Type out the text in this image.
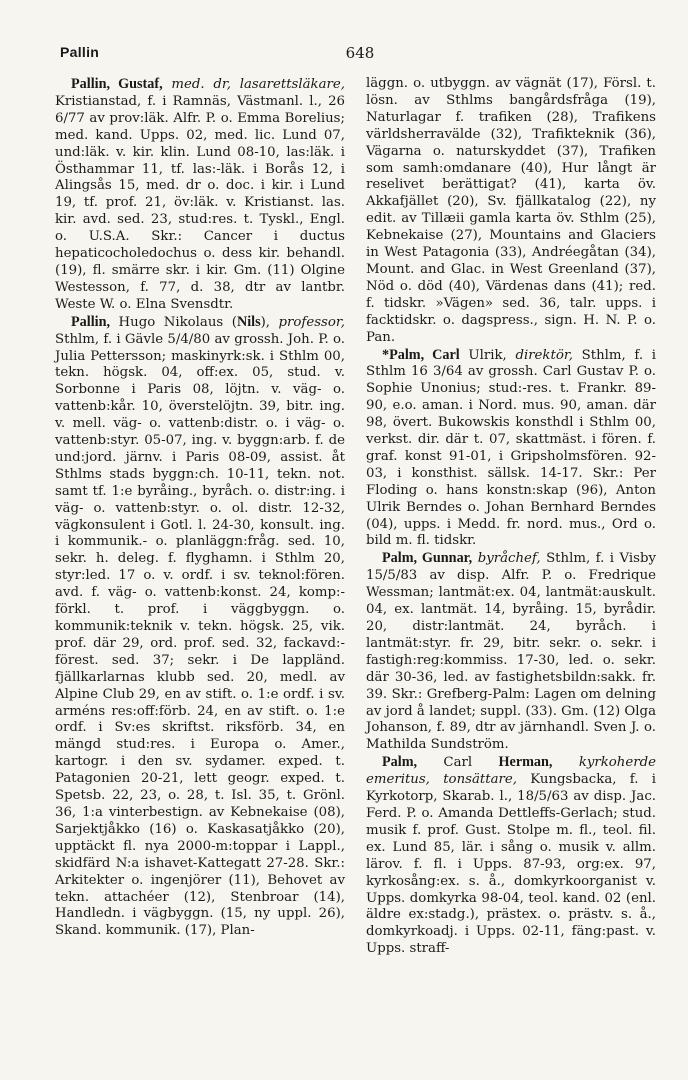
Pallin	648

Pallin, Gustaf, med. dr, lasarettsläkare, Kristianstad, f. i Ramnäs, Västmanl. l., 26 6/77 av prov:läk. Alfr. P. o. Emma Borelius; med. kand. Upps. 02, med. lic. Lund 07, und:läk. v. kir. klin. Lund 08-10, las:läk. i Östhammar 11, tf. las:-läk. i Borås 12, i Alingsås 15, med. dr o. doc. i kir. i Lund 19, tf. prof. 21, öv:läk. v. Kristianst. las. kir. avd. sed. 23, stud:res. t. Tyskl., Engl. o. U.S.A. Skr.: Cancer i ductus hepaticocholedochus o. dess kir. behandl. (19), fl. smärre skr. i kir. Gm. (11) Olgine Westesson, f. 77, d. 38, dtr av lantbr. Weste W. o. Elna Svensdtr.

Pallin, Hugo Nikolaus (Nils), professor, Sthlm, f. i Gävle 5/4/80 av grossh. Joh. P. o. Julia Pettersson; maskinyrk:sk. i Sthlm 00, tekn. högsk. 04, off:ex. 05, stud. v. Sorbonne i Paris 08, löjtn. v. väg- o. vattenb:kår. 10, överstelöjtn. 39, bitr. ing. v. mell. väg- o. vattenb:distr. o. i väg- o. vattenb:styr. 05-07, ing. v. byggn:arb. f. de und:jord. järnv. i Paris 08-09, assist. åt Sthlms stads byggn:ch. 10-11, tekn. not. samt tf. 1:e byråing., byråch. o. distr:ing. i väg- o. vattenb:styr. o. ol. distr. 12-32, vägkonsulent i Gotl. l. 24-30, konsult. ing. i kommunik.- o. planläggn:fråg. sed. 10, sekr. h. deleg. f. flyghamn. i Sthlm 20, styr:led. 17 o. v. ordf. i sv. teknol:fören. avd. f. väg- o. vattenb:konst. 24, komp:-förkl. t. prof. i väggbyggn. o. kommunik:teknik v. tekn. högsk. 25, vik. prof. där 29, ord. prof. sed. 32, fackavd:-förest. sed. 37; sekr. i De lappländ. fjällkarlarnas klubb sed. 20, medl. av Alpine Club 29, en av stift. o. 1:e ordf. i sv. arméns res:off:förb. 24, en av stift. o. 1:e ordf. i Sv:es skriftst. riksförb. 34, en mängd stud:res. i Europa o. Amer., kartogr. i den sv. sydamer. exped. t. Patagonien 20-21, lett geogr. exped. t. Spetsb. 22, 23, o. 28, t. Isl. 35, t. Grönl. 36, 1:a vinterbestign. av Kebnekaise (08), Sarjektjåkko (16) o. Kaskasatjåkko (20), upptäckt fl. nya 2000-m:toppar i Lappl., skidfärd N:a ishavet-Kattegatt 27-28. Skr.: Arkitekter o. ingenjörer (11), Behovet av tekn. attachéer (12), Stenbroar (14), Handledn. i vägbyggn. (15, ny uppl. 26), Skand. kommunik. (17), Plan-

läggn. o. utbyggn. av vägnät (17), Försl. t. lösn. av Sthlms bangårdsfråga (19), Naturlagar f. trafiken (28), Trafikens världsherravälde (32), Trafikteknik (36), Vägarna o. naturskyddet (37), Trafiken som samh:omdanare (40), Hur långt är reselivet berättigat? (41), karta öv. Akkafjället (20), Sv. fjällkatalog (22), ny edit. av Tillæii gamla karta öv. Sthlm (25), Kebnekaise (27), Mountains and Glaciers in West Patagonia (33), Andréegåtan (34), Mount. and Glac. in West Greenland (37), Nöd o. död (40), Värdenas dans (41); red. f. tidskr. »Vägen» sed. 36, talr. upps. i facktidskr. o. dagspress., sign. H. N. P. o. Pan.

*Palm, Carl Ulrik, direktör, Sthlm, f. i Sthlm 16 3/64 av grossh. Carl Gustav P. o. Sophie Unonius; stud:-res. t. Frankr. 89-90, e.o. aman. i Nord. mus. 90, aman. där 98, övert. Bukowskis konsthdl i Sthlm 00, verkst. dir. där t. 07, skattmäst. i fören. f. graf. konst 91-01, i Gripsholmsfören. 92-03, i konsthist. sällsk. 14-17. Skr.: Per Floding o. hans konstn:skap (96), Anton Ulrik Berndes o. Johan Bernhard Berndes (04), upps. i Medd. fr. nord. mus., Ord o. bild m. fl. tidskr.

Palm, Gunnar, byråchef, Sthlm, f. i Visby 15/5/83 av disp. Alfr. P. o. Fredrique Wessman; lantmät:ex. 04, lantmät:auskult. 04, ex. lantmät. 14, byråing. 15, byrådir. 20, distr:lantmät. 24, byråch. i lantmät:styr. fr. 29, bitr. sekr. o. sekr. i fastigh:reg:kommiss. 17-30, led. o. sekr. där 30-36, led. av fastighetsbildn:sakk. fr. 39. Skr.: Grefberg-Palm: Lagen om delning av jord å landet; suppl. (33). Gm. (12) Olga Johanson, f. 89, dtr av järnhandl. Sven J. o. Mathilda Sundström.

Palm, Carl Herman, kyrkoherde emeritus, tonsättare, Kungsbacka, f. i Kyrkotorp, Skarab. l., 18/5/63 av disp. Jac. Ferd. P. o. Amanda Dettleffs-Gerlach; stud. musik f. prof. Gust. Stolpe m. fl., teol. fil. ex. Lund 85, lär. i sång o. musik v. allm. lärov. f. fl. i Upps. 87-93, org:ex. 97, kyrkosång:ex. s. å., domkyrkoorganist v. Upps. domkyrka 98-04, teol. kand. 02 (enl. äldre ex:stadg.), prästex. o. prästv. s. å., domkyrkoadj. i Upps. 02-11, fäng:past. v. Upps. straff-
